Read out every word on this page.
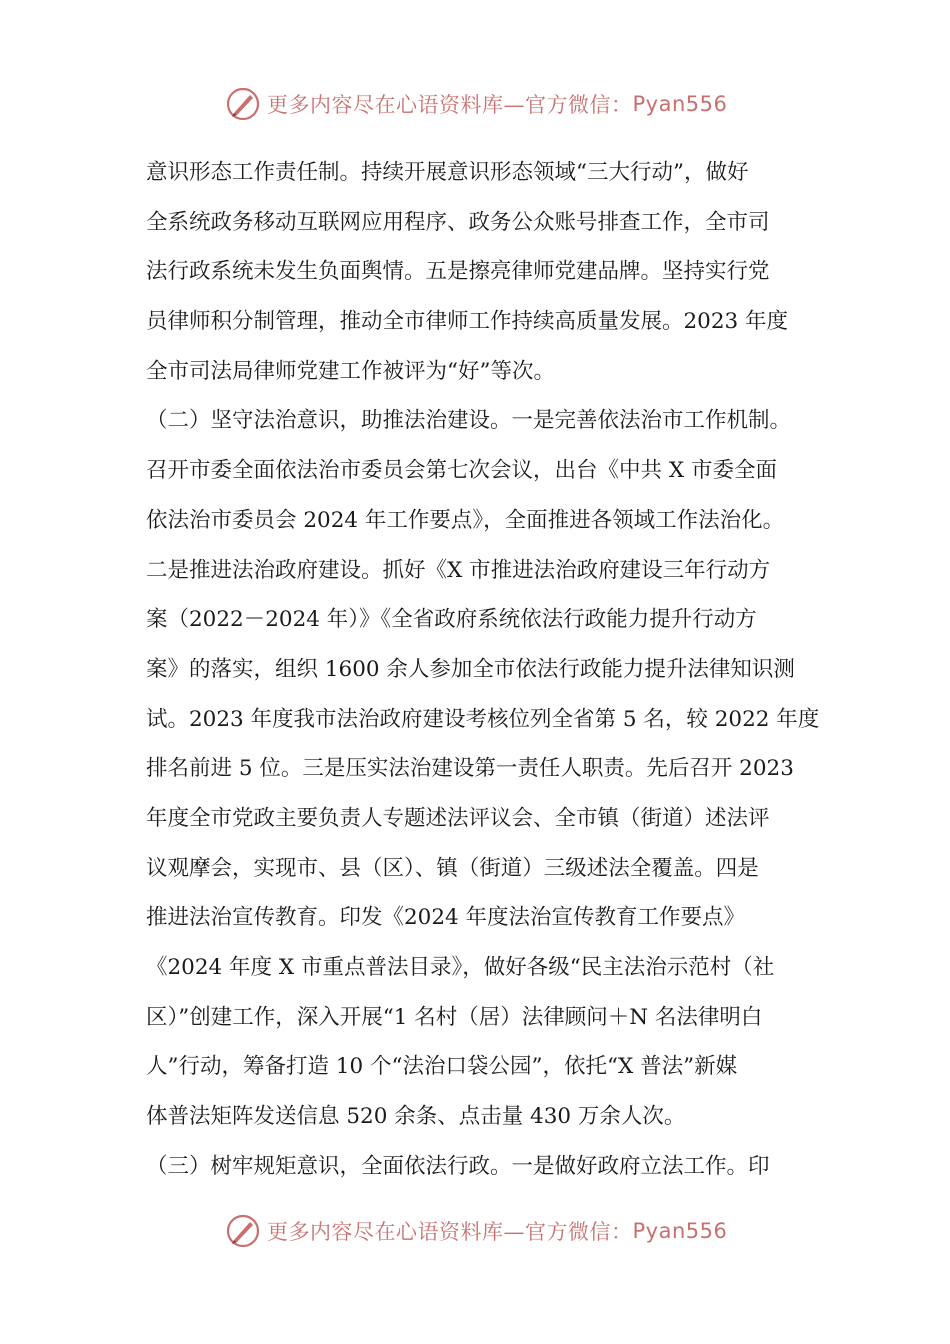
更多内容尽在心语资料库—官方微信： Pyan556
意识形态工作责任制。持续开展意识形态领域“三大行动”，做好
全系统政务移动互联网应用程序、政务公众账号排查工作，全市司
法行政系统未发生负面舆情。五是擦亮律师党建品牌。坚持实行党
员律师积分制管理，推动全市律师工作持续高质量发展。2023 年度
全市司法局律师党建工作被评为“好”等次。
（二）坚守法治意识，助推法治建设。一是完善依法治市工作机制。
召开市委全面依法治市委员会第七次会议，出台《中共 X 市委全面
依法治市委员会 2024 年工作要点》，全面推进各领域工作法治化。
二是推进法治政府建设。抓好《X 市推进法治政府建设三年行动方
案（2022－2024 年）》《全省政府系统依法行政能力提升行动方
案》的落实，组织 1600 余人参加全市依法行政能力提升法律知识测
试。2023 年度我市法治政府建设考核位列全省第 5 名，较 2022 年度
排名前进 5 位。三是压实法治建设第一责任人职责。先后召开 2023
年度全市党政主要负责人专题述法评议会、全市镇（街道）述法评
议观摩会，实现市、县（区）、镇（街道）三级述法全覆盖。四是
推进法治宣传教育。印发《2024 年度法治宣传教育工作要点》
《2024 年度 X 市重点普法目录》，做好各级“民主法治示范村（社
区）”创建工作，深入开展“1 名村（居）法律顾问＋N 名法律明白
人”行动，筹备打造 10 个“法治口袋公园”，依托“X 普法”新媒
体普法矩阵发送信息 520 余条、点击量 430 万余人次。
（三）树牢规矩意识，全面依法行政。一是做好政府立法工作。印
更多内容尽在心语资料库—官方微信： Pyan556
